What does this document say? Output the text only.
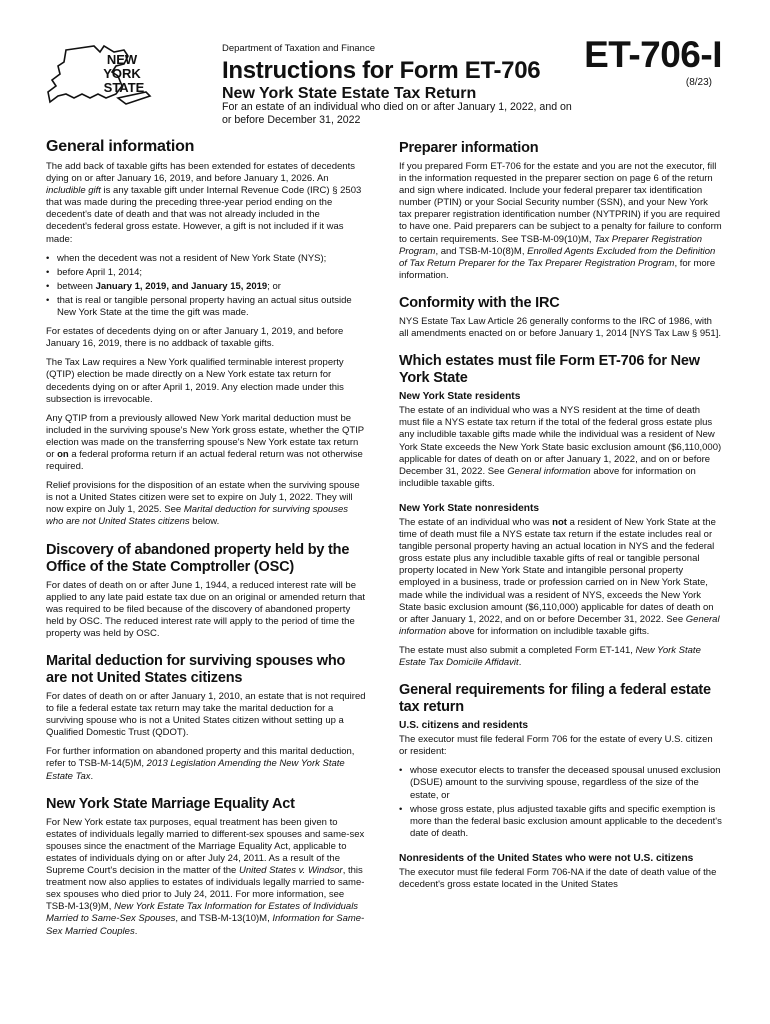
NEW
YORK
STATE
Department of Taxation and Finance
Instructions for Form ET-706
New York State Estate Tax Return
For an estate of an individual who died on or after January 1, 2022, and on or before December 31, 2022
ET-706-I
(8/23)
General information

The add back of taxable gifts has been extended for estates of decedents dying on or after January 16, 2019, and before January 1, 2026. An includible gift is any taxable gift under Internal Revenue Code (IRC) § 2503 that was made during the preceding three-year period ending on the decedent's date of death and that was not already included in the decedent's federal gross estate. However, a gift is not included if it was made:

• when the decedent was not a resident of New York State (NYS);
• before April 1, 2014;
• between January 1, 2019, and January 15, 2019; or
• that is real or tangible personal property having an actual situs outside New York State at the time the gift was made.

For estates of decedents dying on or after January 1, 2019, and before January 16, 2019, there is no addback of taxable gifts.

The Tax Law requires a New York qualified terminable interest property (QTIP) election be made directly on a New York estate tax return for decedents dying on or after April 1, 2019. Any election made under this subsection is irrevocable.

Any QTIP from a previously allowed New York marital deduction must be included in the surviving spouse's New York gross estate, whether the QTIP election was made on the transferring spouse's New York estate tax return or on a federal proforma return if an actual federal return was not otherwise required.

Relief provisions for the disposition of an estate when the surviving spouse is not a United States citizen were set to expire on July 1, 2022. They will now expire on July 1, 2025. See Marital deduction for surviving spouses who are not United States citizens below.

Discovery of abandoned property held by the Office of the State Comptroller (OSC)

For dates of death on or after June 1, 1944, a reduced interest rate will be applied to any late paid estate tax due on an original or amended return that was required to be filed because of the discovery of abandoned property held by OSC. The reduced interest rate will apply to the period of time the property was held by OSC.

Marital deduction for surviving spouses who are not United States citizens

For dates of death on or after January 1, 2010, an estate that is not required to file a federal estate tax return may take the marital deduction for a surviving spouse who is not a United States citizen without setting up a Qualified Domestic Trust (QDOT).

For further information on abandoned property and this marital deduction, refer to TSB-M-14(5)M, 2013 Legislation Amending the New York State Estate Tax.

New York State Marriage Equality Act

For New York estate tax purposes, equal treatment has been given to estates of individuals legally married to different-sex spouses and same-sex spouses since the enactment of the Marriage Equality Act, applicable to estates of individuals dying on or after July 24, 2011. As a result of the Supreme Court's decision in the matter of the United States v. Windsor, this treatment now also applies to estates of individuals legally married to same-sex spouses who died prior to July 24, 2011. For more information, see TSB-M-13(9)M, New York Estate Tax Information for Estates of Individuals Married to Same-Sex Spouses, and TSB-M-13(10)M, Information for Same-Sex Married Couples.

Preparer information

If you prepared Form ET-706 for the estate and you are not the executor, fill in the information requested in the preparer section on page 6 of the return and sign where indicated. Include your federal preparer tax identification number (PTIN) or your Social Security number (SSN), and your New York tax preparer registration identification number (NYTPRIN) if you are required to have one. Paid preparers can be subject to a penalty for failure to conform to certain requirements. See TSB-M-09(10)M, Tax Preparer Registration Program, and TSB-M-10(8)M, Enrolled Agents Excluded from the Definition of Tax Return Preparer for the Tax Preparer Registration Program, for more information.

Conformity with the IRC

NYS Estate Tax Law Article 26 generally conforms to the IRC of 1986, with all amendments enacted on or before January 1, 2014 [NYS Tax Law § 951].

Which estates must file Form ET-706 for New York State
New York State residents

The estate of an individual who was a NYS resident at the time of death must file a NYS estate tax return if the total of the federal gross estate plus any includible taxable gifts made while the individual was a resident of New York State exceeds the New York State basic exclusion amount ($6,110,000) applicable for dates of death on or after January 1, 2022, and on or before December 31, 2022. See General information above for information on includible taxable gifts.

New York State nonresidents

The estate of an individual who was not a resident of New York State at the time of death must file a NYS estate tax return if the estate includes real or tangible personal property having an actual location in NYS and the federal gross estate plus any includible taxable gifts of real or tangible personal property located in New York State and intangible personal property employed in a business, trade or profession carried on in New York State, made while the individual was a resident of NYS, exceeds the New York State basic exclusion amount ($6,110,000) applicable for dates of death on or after January 1, 2022, and on or before December 31, 2022. See General information above for information on includible taxable gifts.

The estate must also submit a completed Form ET-141, New York State Estate Tax Domicile Affidavit.

General requirements for filing a federal estate tax return
U.S. citizens and residents

The executor must file federal Form 706 for the estate of every U.S. citizen or resident:

• whose executor elects to transfer the deceased spousal unused exclusion (DSUE) amount to the surviving spouse, regardless of the size of the estate, or
• whose gross estate, plus adjusted taxable gifts and specific exemption is more than the federal basic exclusion amount applicable to the decedent's date of death.
Nonresidents of the United States who were not U.S. citizens

The executor must file federal Form 706-NA if the date of death value of the decedent's gross estate located in the United States
